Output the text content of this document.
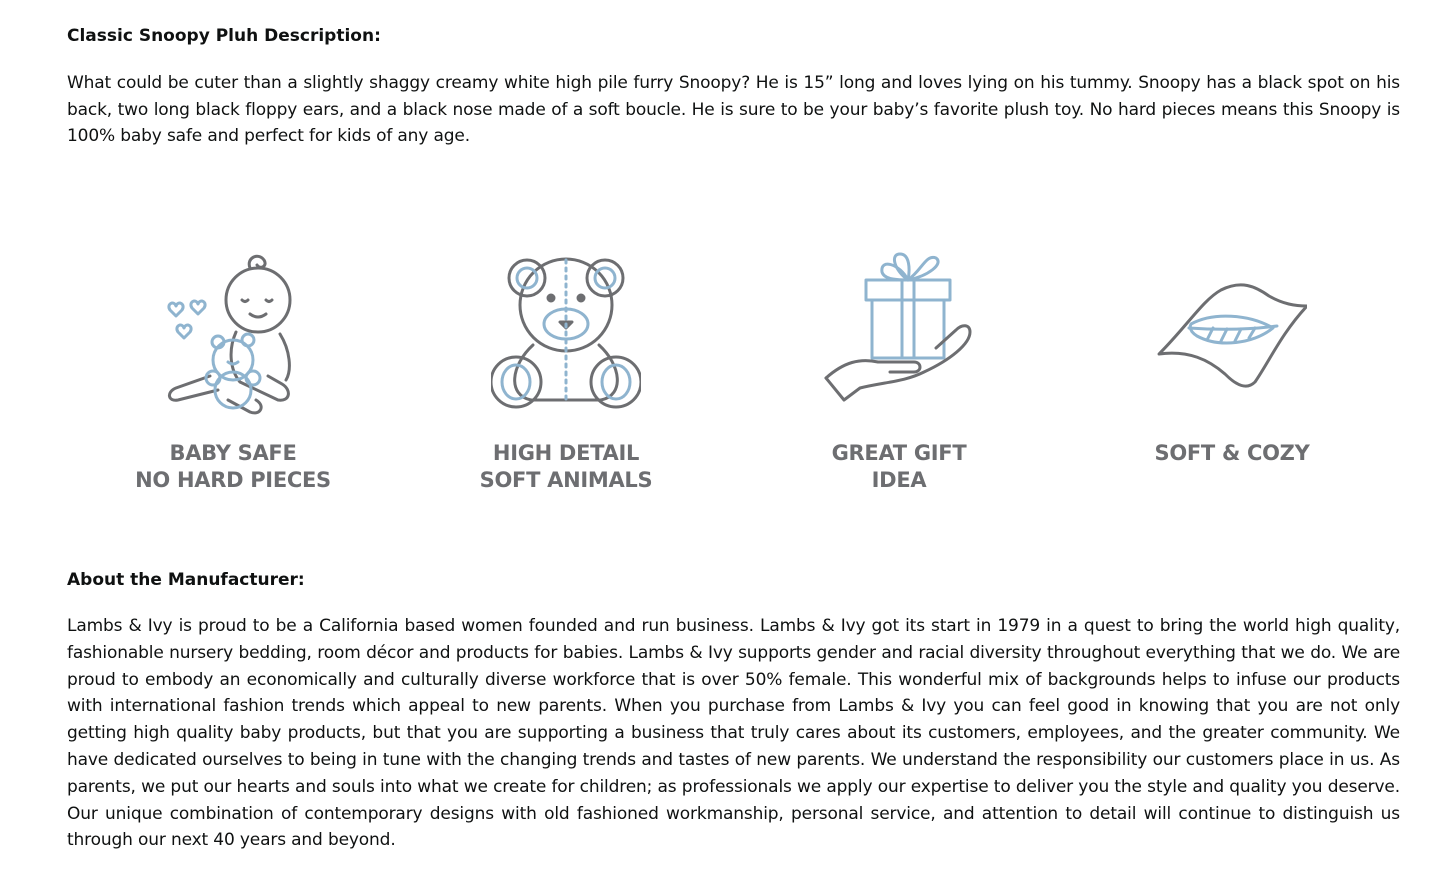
Classic Snoopy Pluh Description:

What could be cuter than a slightly shaggy creamy white high pile furry Snoopy? He is 15” long and loves lying on his tummy. Snoopy has a black spot on his back, two long black floppy ears, and a black nose made of a soft boucle. He is sure to be your baby’s favorite plush toy. No hard pieces means this Snoopy is 100% baby safe and perfect for kids of any age.

BABY SAFE
NO HARD PIECES
HIGH DETAIL
SOFT ANIMALS
GREAT GIFT
IDEA
SOFT & COZY
About the Manufacturer:

Lambs & Ivy is proud to be a California based women founded and run business. Lambs & Ivy got its start in 1979 in a quest to bring the world high quality, fashionable nursery bedding, room décor and products for babies. Lambs & Ivy supports gender and racial diversity throughout everything that we do. We are proud to embody an economically and culturally diverse workforce that is over 50% female. This wonderful mix of backgrounds helps to infuse our products with international fashion trends which appeal to new parents. When you purchase from Lambs & Ivy you can feel good in knowing that you are not only getting high quality baby products, but that you are supporting a business that truly cares about its customers, employees, and the greater community. We have dedicated ourselves to being in tune with the changing trends and tastes of new parents. We understand the responsibility our customers place in us. As parents, we put our hearts and souls into what we create for children; as professionals we apply our expertise to deliver you the style and quality you deserve. Our unique combination of contemporary designs with old fashioned workmanship, personal service, and attention to detail will continue to distinguish us through our next 40 years and beyond.
